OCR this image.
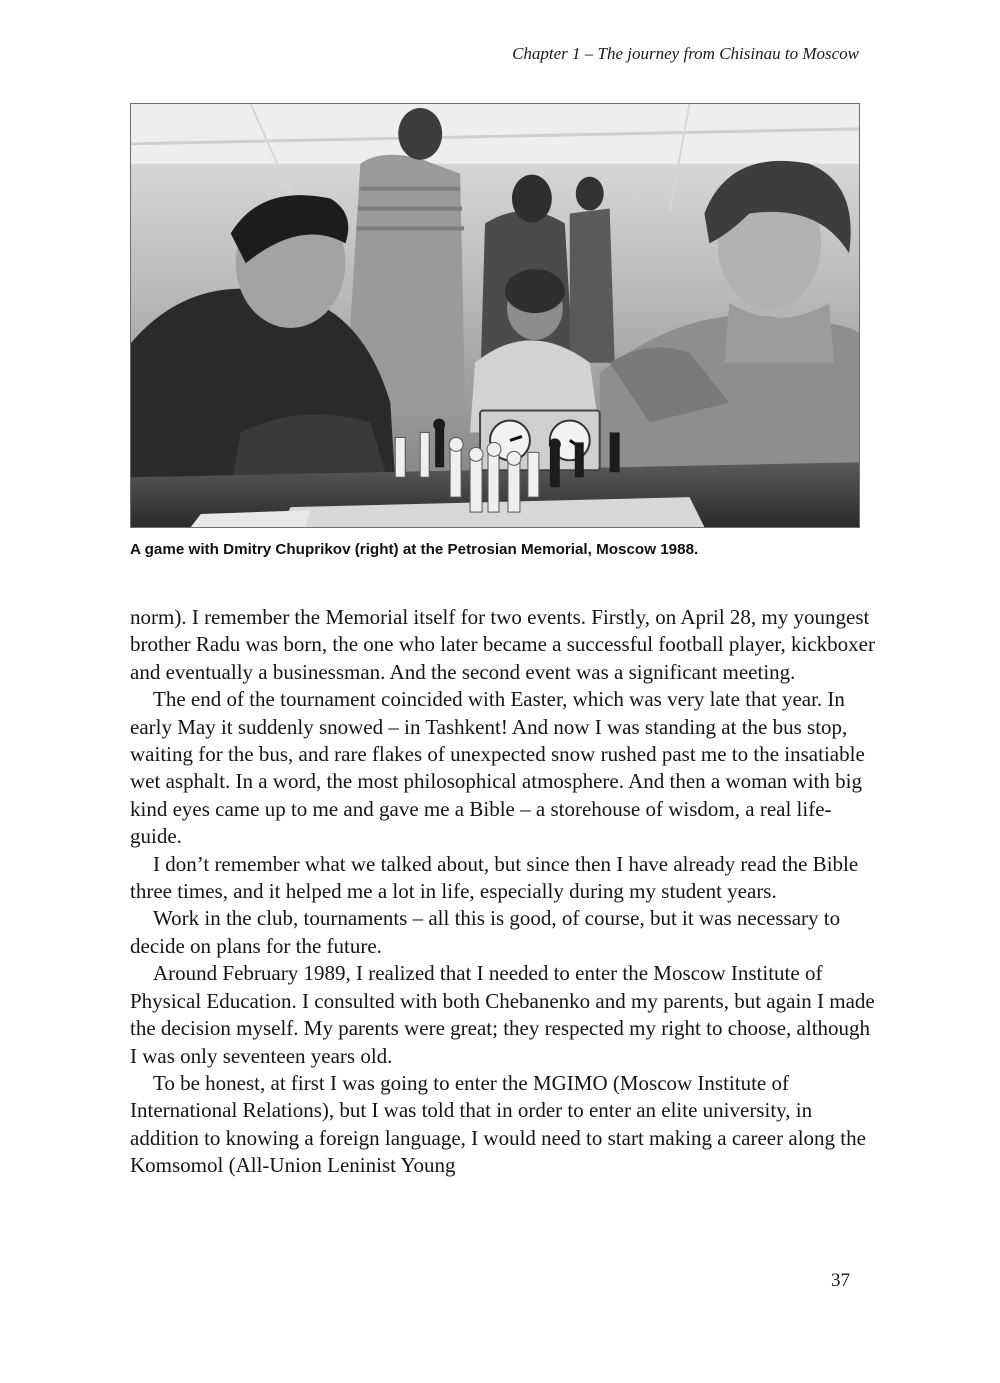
Chapter 1 – The journey from Chisinau to Moscow
A game with Dmitry Chuprikov (right) at the Petrosian Memorial, Moscow 1988.

norm). I remember the Memorial itself for two events. Firstly, on April 28, my youngest brother Radu was born, the one who later became a successful football player, kickboxer and eventually a businessman. And the second event was a significant meeting.

The end of the tournament coincided with Easter, which was very late that year. In early May it suddenly snowed – in Tashkent! And now I was standing at the bus stop, waiting for the bus, and rare flakes of unexpected snow rushed past me to the insatiable wet asphalt. In a word, the most philosophical atmosphere. And then a woman with big kind eyes came up to me and gave me a Bible – a storehouse of wisdom, a real life-guide.

I don’t remember what we talked about, but since then I have already read the Bible three times, and it helped me a lot in life, especially during my student years.

Work in the club, tournaments – all this is good, of course, but it was necessary to decide on plans for the future.

Around February 1989, I realized that I needed to enter the Moscow Institute of Physical Education. I consulted with both Chebanenko and my parents, but again I made the decision myself. My parents were great; they respected my right to choose, although I was only seventeen years old.

To be honest, at first I was going to enter the MGIMO (Moscow Institute of International Relations), but I was told that in order to enter an elite university, in addition to knowing a foreign language, I would need to start making a career along the Komsomol (All-Union Leninist Young

37
